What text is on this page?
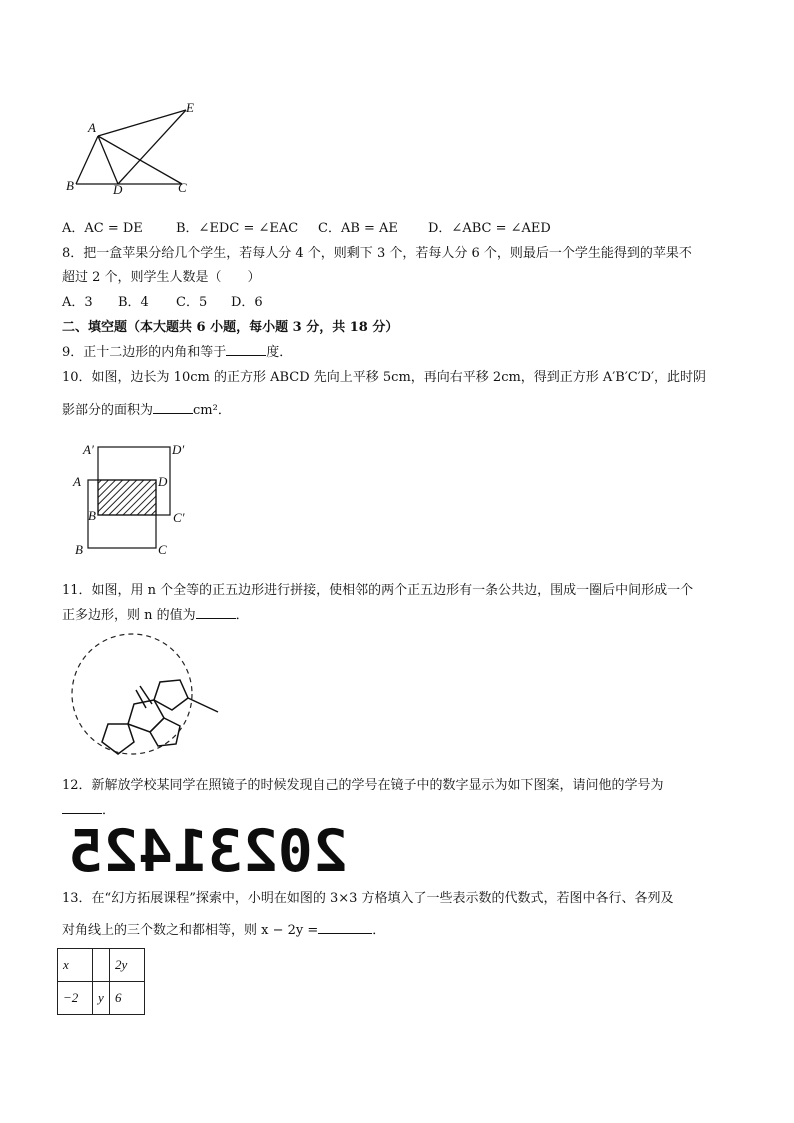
A
E
B	D	C
A．AC = DE	B．∠EDC = ∠EAC C．AB = AE D．∠ABC = ∠AED
8．把一盒苹果分给几个学生，若每人分 4 个，则剩下 3 个，若每人分 6 个，则最后一个学生能得到的苹果不
超过 2 个，则学生人数是（　　）
A．3 B．4 C．5 D．6
二、填空题（本大题共 6 小题，每小题 3 分，共 18 分）
9．正十二边形的内角和等于	度．
10．如图，边长为 10cm 的正方形 ABCD 先向上平移 5cm，再向右平移 2cm，得到正方形 A′B′C′D′，此时阴
影部分的面积为	cm²．
A′	D′
A	D
B′	C′
B	C
11．如图，用 n 个全等的正五边形进行拼接，使相邻的两个正五边形有一条公共边，围成一圈后中间形成一个
正多边形，则 n 的值为	．
12．新解放学校某同学在照镜子的时候发现自己的学号在镜子中的数字显示为如下图案，请问他的学号为
．
20231425
13．在“幻方拓展课程”探索中，小明在如图的 3×3 方格填入了一些表示数的代数式，若图中各行、各列及
对角线上的三个数之和都相等，则 x − 2y =	．
x		2y
−2	y	6
